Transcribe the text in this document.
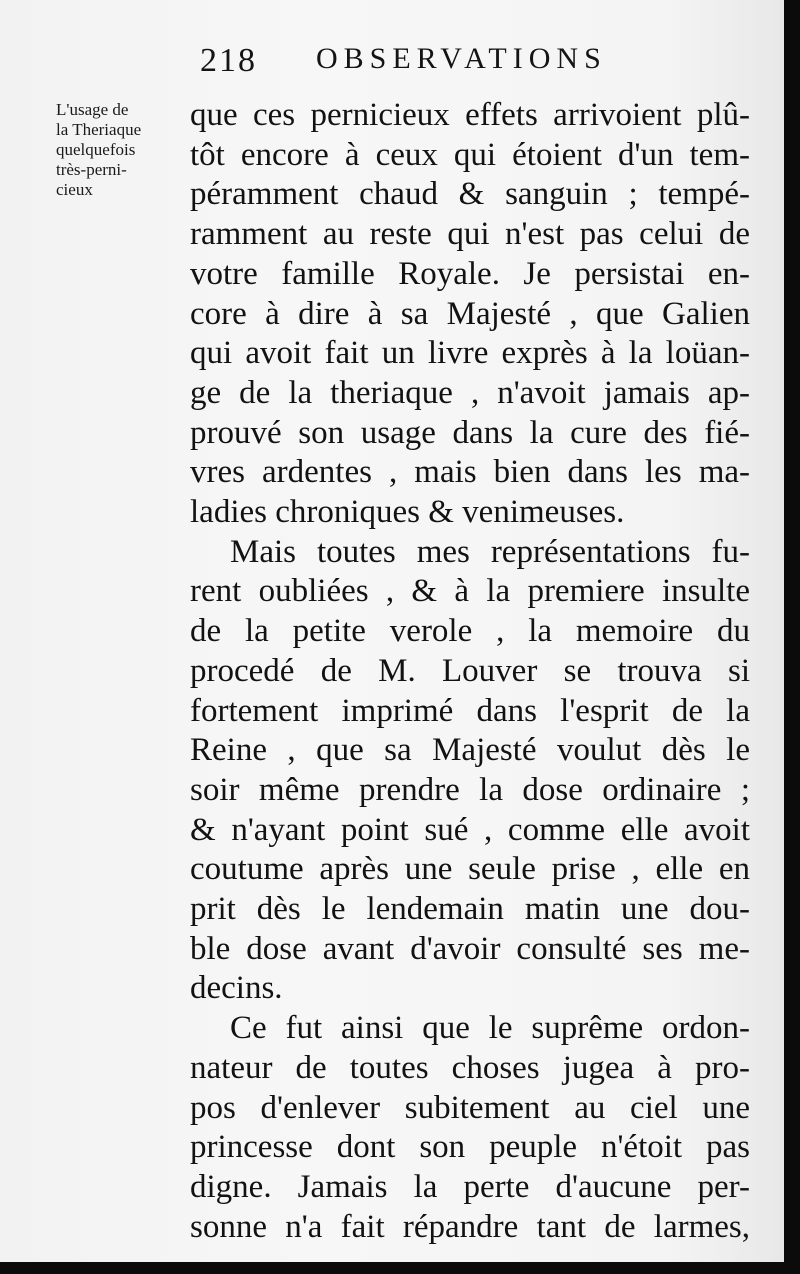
218 OBSERVATIONS
L'usage de
la Theriaque
quelquefois
très-perni-
cieux
que ces pernicieux effets arrivoient plû-
tôt encore à ceux qui étoient d'un tem-
péramment chaud & sanguin ; tempé-
ramment au reste qui n'est pas celui de
votre famille Royale. Je persistai en-
core à dire à sa Majesté , que Galien
qui avoit fait un livre exprès à la loüan-
ge de la theriaque , n'avoit jamais ap-
prouvé son usage dans la cure des fié-
vres ardentes , mais bien dans les ma-
ladies chroniques & venimeuses.
Mais toutes mes représentations fu-
rent oubliées , & à la premiere insulte
de la petite verole , la memoire du
procedé de M. Louver se trouva si
fortement imprimé dans l'esprit de la
Reine , que sa Majesté voulut dès le
soir même prendre la dose ordinaire ;
& n'ayant point sué , comme elle avoit
coutume après une seule prise , elle en
prit dès le lendemain matin une dou-
ble dose avant d'avoir consulté ses me-
decins.
Ce fut ainsi que le suprême ordon-
nateur de toutes choses jugea à pro-
pos d'enlever subitement au ciel une
princesse dont son peuple n'étoit pas
digne. Jamais la perte d'aucune per-
sonne n'a fait répandre tant de larmes,
